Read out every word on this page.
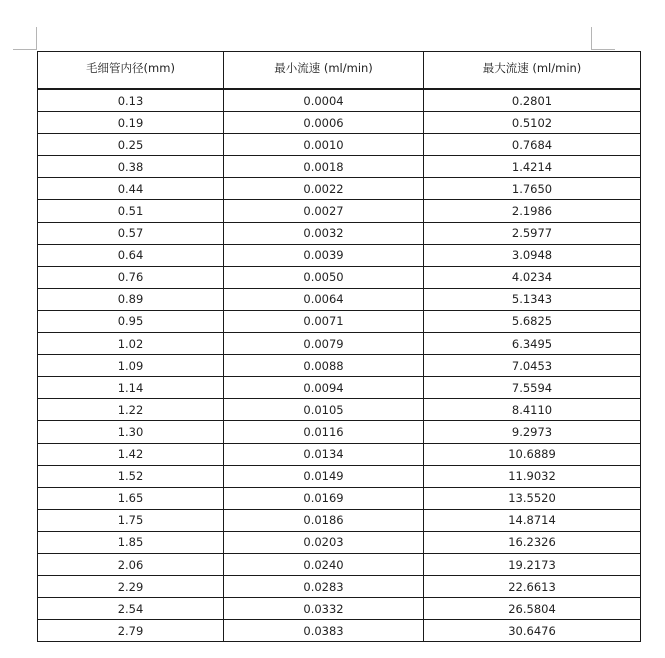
毛细管内径(mm)	最小流速 (ml/min)	最大流速 (ml/min)
0.13	0.0004	0.2801
0.19	0.0006	0.5102
0.25	0.0010	0.7684
0.38	0.0018	1.4214
0.44	0.0022	1.7650
0.51	0.0027	2.1986
0.57	0.0032	2.5977
0.64	0.0039	3.0948
0.76	0.0050	4.0234
0.89	0.0064	5.1343
0.95	0.0071	5.6825
1.02	0.0079	6.3495
1.09	0.0088	7.0453
1.14	0.0094	7.5594
1.22	0.0105	8.4110
1.30	0.0116	9.2973
1.42	0.0134	10.6889
1.52	0.0149	11.9032
1.65	0.0169	13.5520
1.75	0.0186	14.8714
1.85	0.0203	16.2326
2.06	0.0240	19.2173
2.29	0.0283	22.6613
2.54	0.0332	26.5804
2.79	0.0383	30.6476
